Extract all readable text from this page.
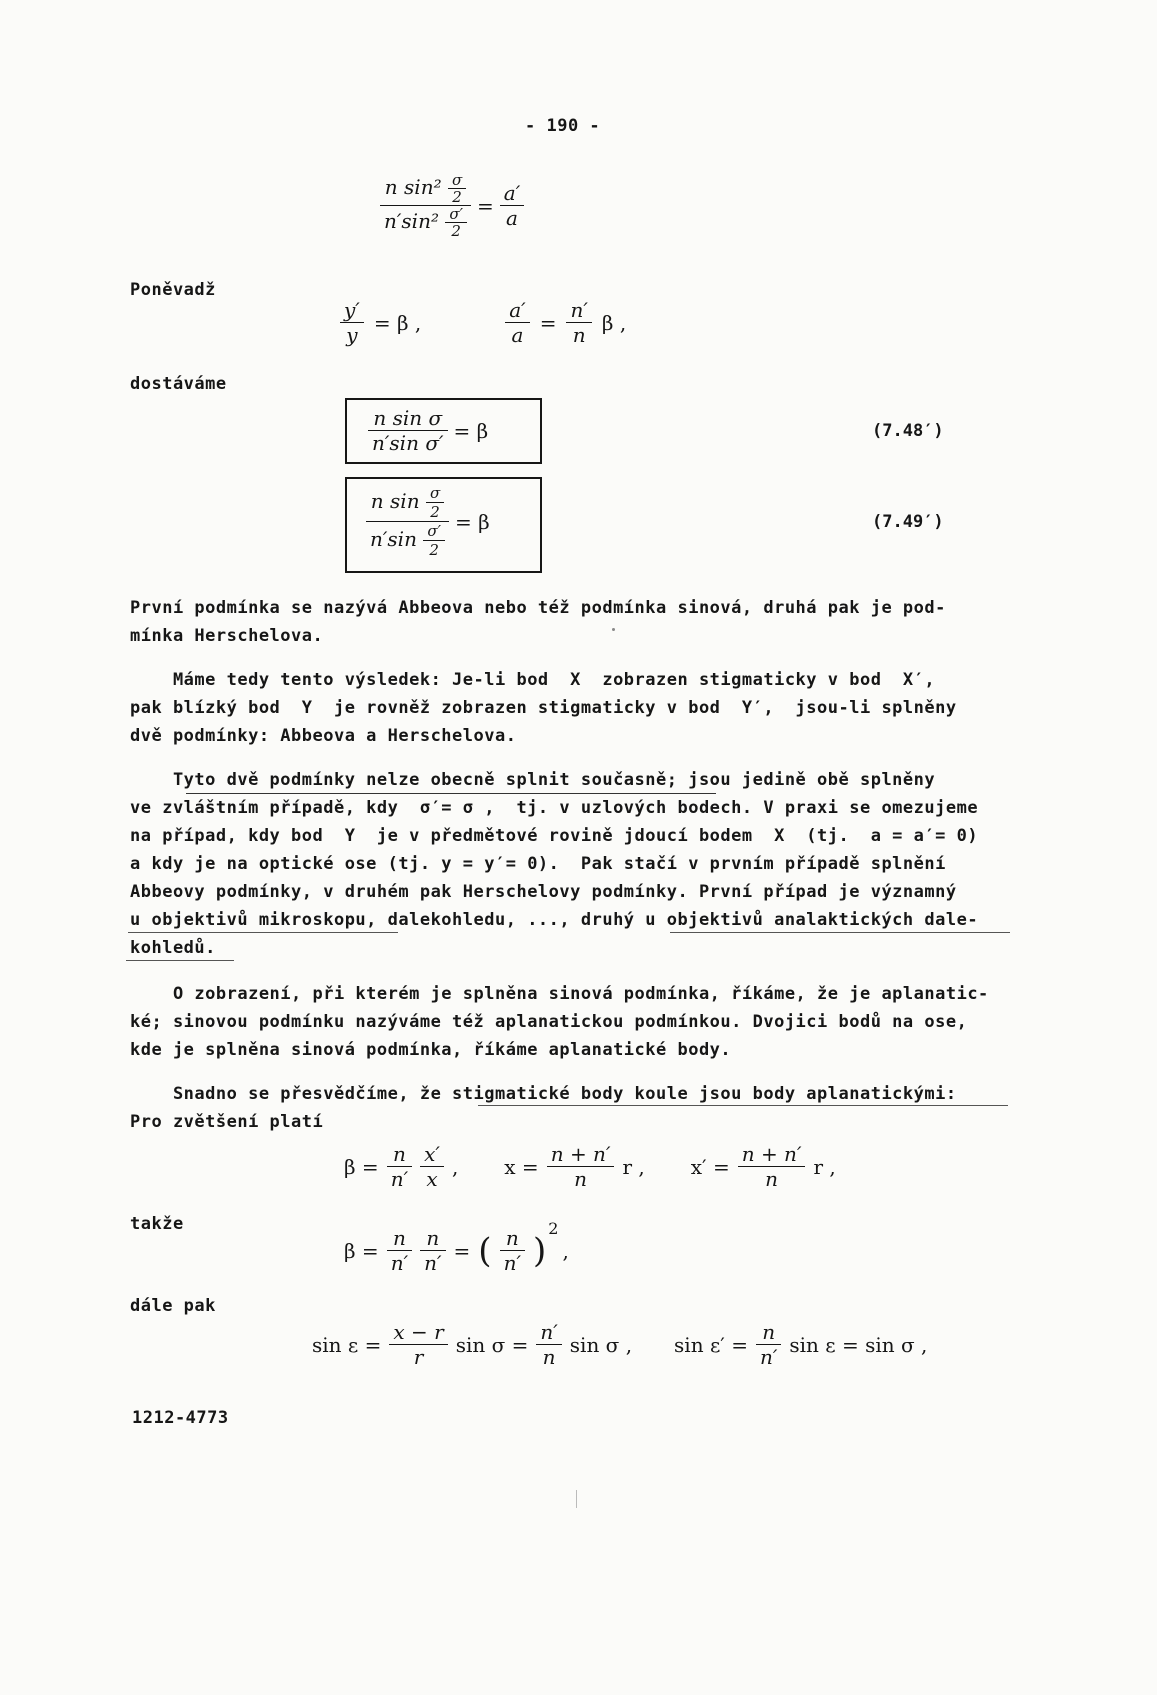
- 190 -
$\frac{n \sin^2 \frac{\sigma}{2}}{n'\sin^2 \frac{\sigma'}{2}} = \frac{a'}{a}$
Poněvadž
$\frac{y'}{y} = \beta$ ,	$\frac{a'}{a} = \frac{n'}{n}$ β ,
dostáváme
$\frac{\text{n sin σ}}{\text{n′sin σ′}} = \beta$	(7.48′)
$\frac{n \sin \frac{\sigma}{2}}{n'\sin \frac{\sigma'}{2}} = \beta$	(7.49′)
První podmínka se nazývá Abbeova nebo též podmínka sinová, druhá pak je pod-
mínka Herschelova.
Máme tedy tento výsledek: Je-li bod  X  zobrazen stigmaticky v bod  X′,
pak blízký bod  Y  je rovněž zobrazen stigmaticky v bod  Y′,  jsou-li splněny
dvě podmínky: Abbeova a Herschelova.
Tyto dvě podmínky nelze obecně splnit současně; jsou jedině obě splněny
ve zvláštním případě, kdy  σ′= σ ,  tj. v uzlových bodech. V praxi se omezujeme
na případ, kdy bod  Y  je v předmětové rovině jdoucí bodem  X  (tj.  a = a′= 0)
a kdy je na optické ose (tj. y = y′= 0).  Pak stačí v prvním případě splnění
Abbeovy podmínky, v druhém pak Herschelovy podmínky. První případ je významný
u objektivů mikroskopu, dalekohledu, ..., druhý u objektivů analaktických dale-
kohledů.
O zobrazení, při kterém je splněna sinová podmínka, říkáme, že je aplanatic-
ké; sinovou podmínku nazýváme též aplanatickou podmínkou. Dvojici bodů na ose,
kde je splněna sinová podmínka, říkáme aplanatické body.
Snadno se přesvědčíme, že stigmatické body koule jsou body aplanatickými:
Pro zvětšení platí
$\beta = \frac{n}{n'} \frac{x'}{x}$ , $x = \frac{n + n'}{n}$ r , $x' = \frac{n + n'}{n}$ r ,
takže
$\beta = \frac{n}{n'} \frac{n}{n'}$ = ( $\frac{n}{n'}$ )
2
,
dále pak
$\sin \varepsilon = \frac{x - r}{r}$ $\sin \sigma = \frac{n'}{n}$ sin σ , $\sin \varepsilon' = \frac{n}{n'}$ sin ε = sin σ ,
1212-4773
